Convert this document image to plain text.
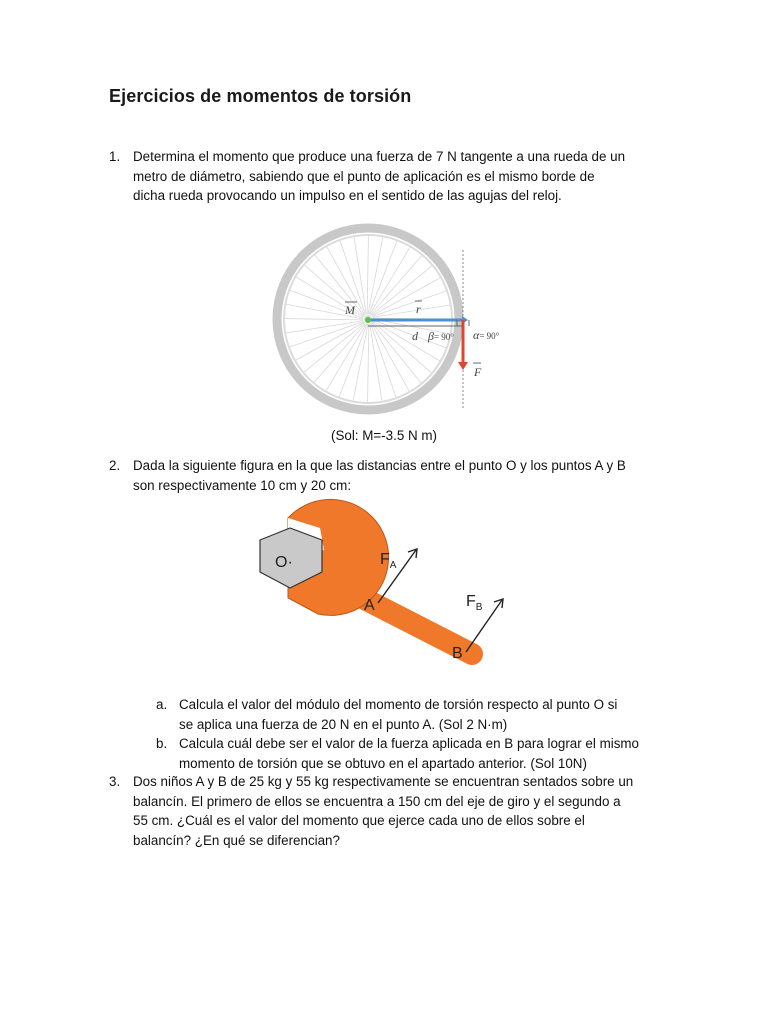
Ejercicios de momentos de torsión
1. Determina el momento que produce una fuerza de 7 N tangente a una rueda de un
metro de diámetro, sabiendo que el punto de aplicación es el mismo borde de
dicha rueda provocando un impulso en el sentido de las agujas del reloj.
M	r
d β= 90° α= 90°
F
(Sol: M=-3.5 N m)
2. Dada la siguiente figura en la que las distancias entre el punto O y los puntos A y B
son respectivamente 10 cm y 20 cm:
O·
A
B
$F_A$
$F_B$
a. Calcula el valor del módulo del momento de torsión respecto al punto O si
se aplica una fuerza de 20 N en el punto A. (Sol 2 N·m)
b. Calcula cuál debe ser el valor de la fuerza aplicada en B para lograr el mismo
momento de torsión que se obtuvo en el apartado anterior. (Sol 10N)
3. Dos niños A y B de 25 kg y 55 kg respectivamente se encuentran sentados sobre un
balancín. El primero de ellos se encuentra a 150 cm del eje de giro y el segundo a
55 cm. ¿Cuál es el valor del momento que ejerce cada uno de ellos sobre el
balancín? ¿En qué se diferencian?
